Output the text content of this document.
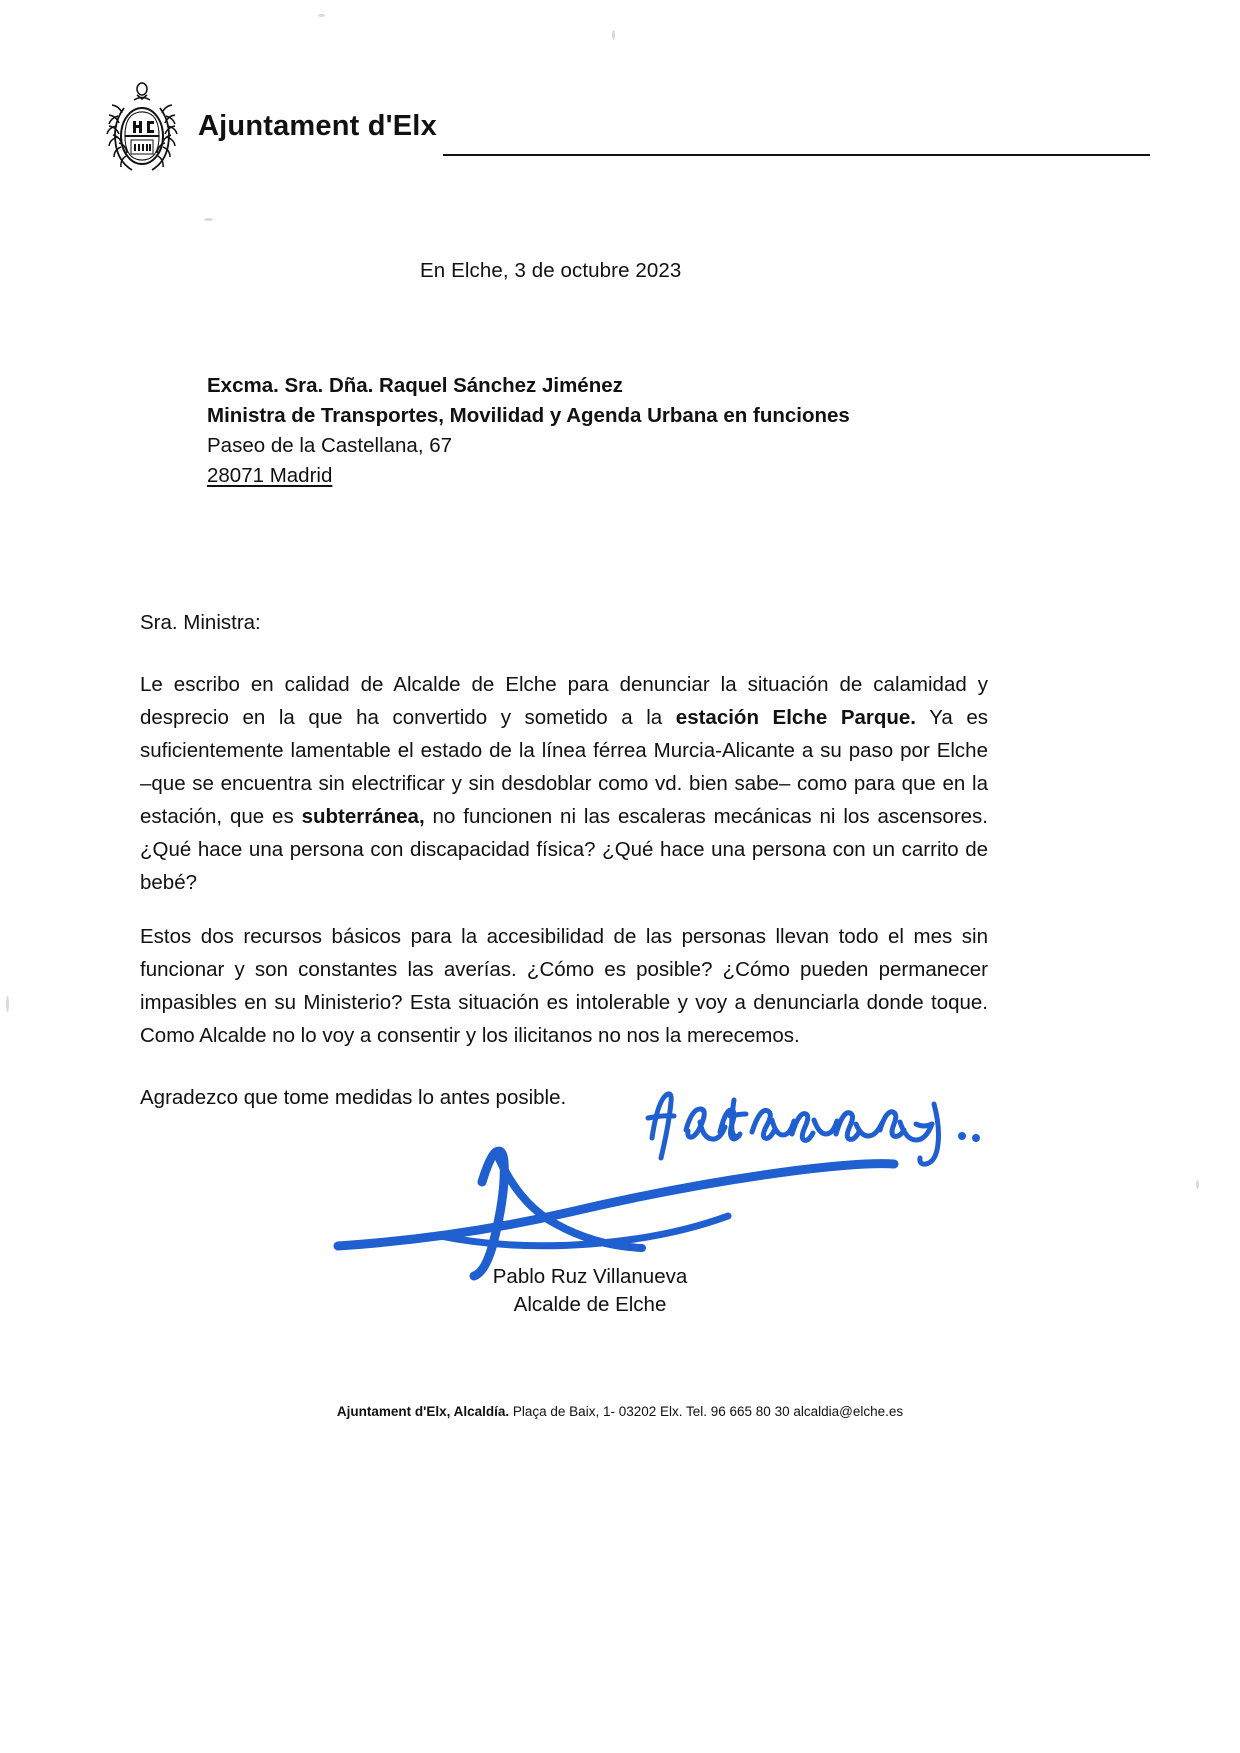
Ajuntament d'Elx
En Elche, 3 de octubre 2023
Excma. Sra. Dña. Raquel Sánchez Jiménez
Ministra de Transportes, Movilidad y Agenda Urbana en funciones
Paseo de la Castellana, 67
28071 Madrid
Sra. Ministra:

Le escribo en calidad de Alcalde de Elche para denunciar la situación de calamidad y desprecio en la que ha convertido y sometido a la estación Elche Parque. Ya es suficientemente lamentable el estado de la línea férrea Murcia-Alicante a su paso por Elche –que se encuentra sin electrificar y sin desdoblar como vd. bien sabe– como para que en la estación, que es subterránea, no funcionen ni las escaleras mecánicas ni los ascensores. ¿Qué hace una persona con discapacidad física? ¿Qué hace una persona con un carrito de bebé?

Estos dos recursos básicos para la accesibilidad de las personas llevan todo el mes sin funcionar y son constantes las averías. ¿Cómo es posible? ¿Cómo pueden permanecer impasibles en su Ministerio? Esta situación es intolerable y voy a denunciarla donde toque. Como Alcalde no lo voy a consentir y los ilicitanos no nos la merecemos.

Agradezco que tome medidas lo antes posible.
Pablo Ruz Villanueva
Alcalde de Elche
Ajuntament d'Elx, Alcaldía. Plaça de Baix, 1- 03202 Elx. Tel. 96 665 80 30 alcaldia@elche.es
